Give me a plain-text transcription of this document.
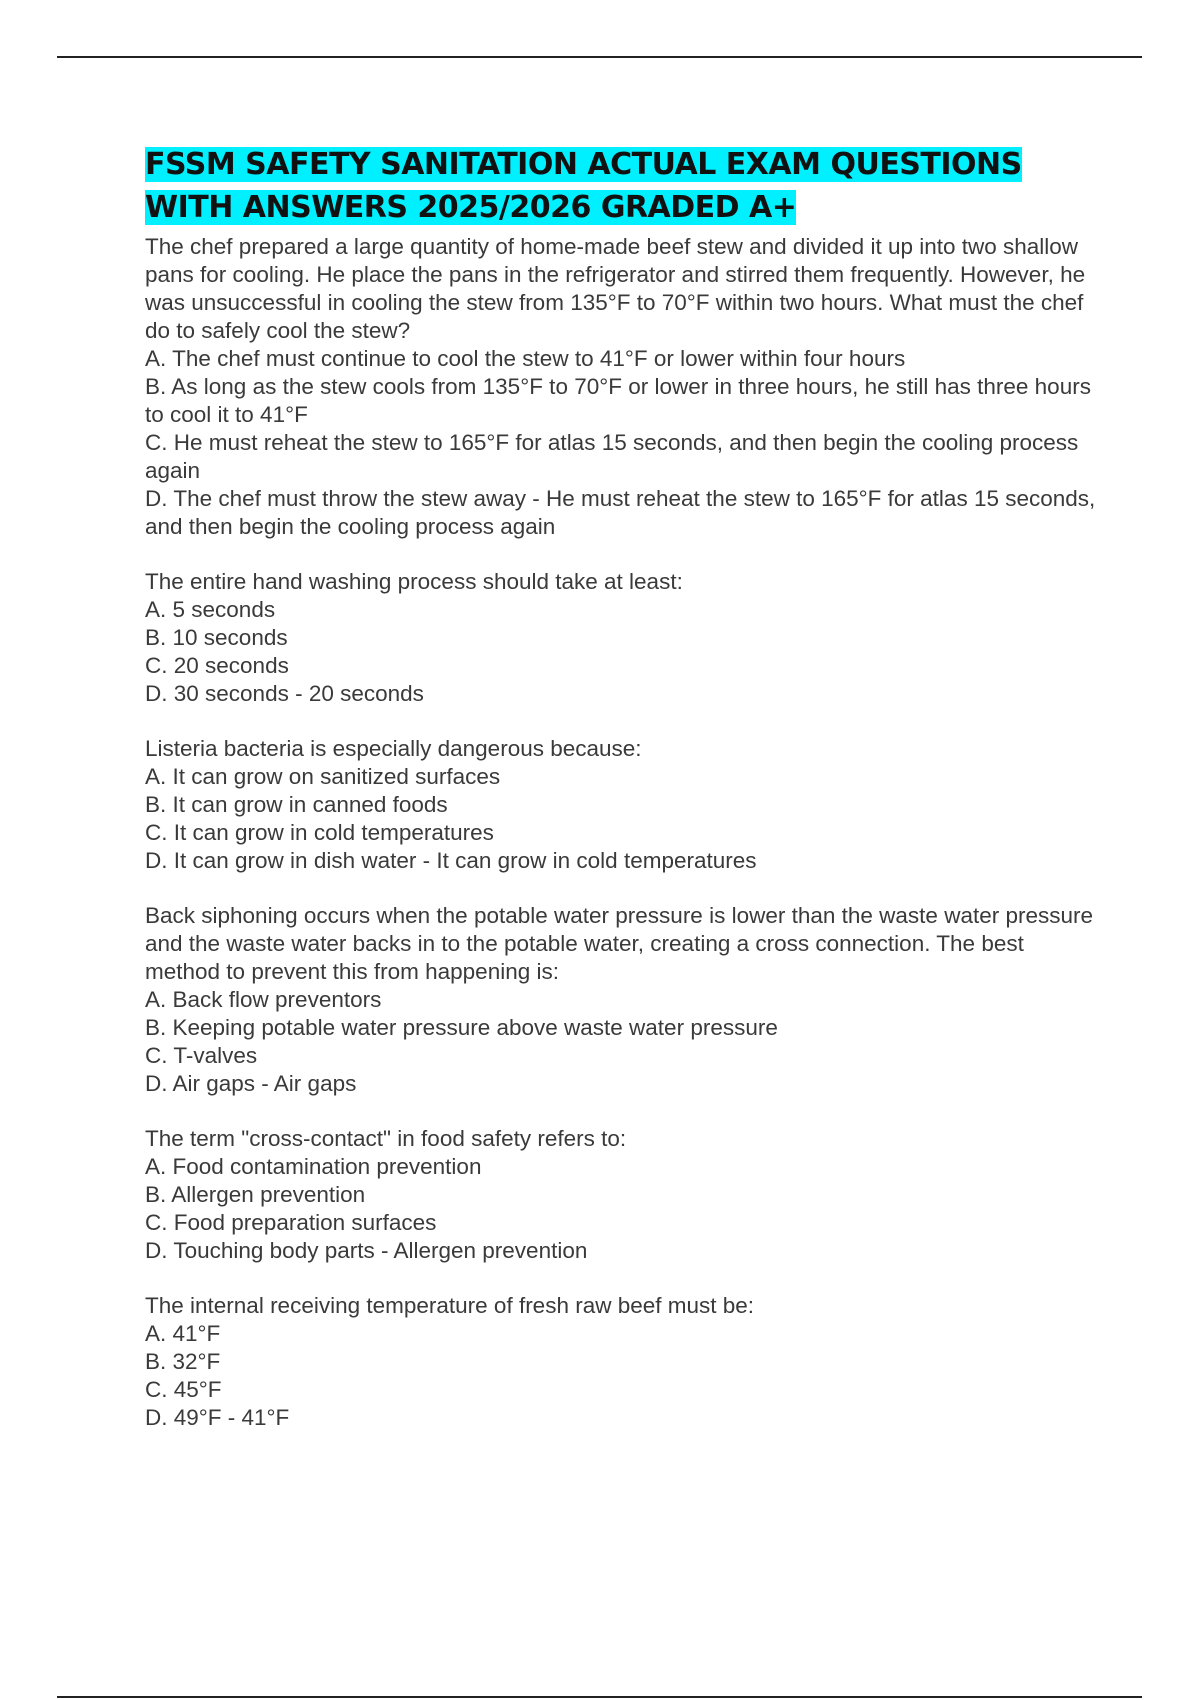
FSSM SAFETY SANITATION ACTUAL EXAM QUESTIONS
WITH ANSWERS 2025/2026 GRADED A+

The chef prepared a large quantity of home-made beef stew and divided it up into two shallow pans for cooling. He place the pans in the refrigerator and stirred them frequently. However, he was unsuccessful in cooling the stew from 135°F to 70°F within two hours. What must the chef do to safely cool the stew?

A. The chef must continue to cool the stew to 41°F or lower within four hours

B. As long as the stew cools from 135°F to 70°F or lower in three hours, he still has three hours to cool it to 41°F

C. He must reheat the stew to 165°F for atlas 15 seconds, and then begin the cooling process again

D. The chef must throw the stew away - He must reheat the stew to 165°F for atlas 15 seconds, and then begin the cooling process again

The entire hand washing process should take at least:

A. 5 seconds

B. 10 seconds

C. 20 seconds

D. 30 seconds - 20 seconds

Listeria bacteria is especially dangerous because:

A. It can grow on sanitized surfaces

B. It can grow in canned foods

C. It can grow in cold temperatures

D. It can grow in dish water - It can grow in cold temperatures

Back siphoning occurs when the potable water pressure is lower than the waste water pressure and the waste water backs in to the potable water, creating a cross connection. The best method to prevent this from happening is:

A. Back flow preventors

B. Keeping potable water pressure above waste water pressure

C. T-valves

D. Air gaps - Air gaps

The term "cross-contact" in food safety refers to:

A. Food contamination prevention

B. Allergen prevention

C. Food preparation surfaces

D. Touching body parts - Allergen prevention

The internal receiving temperature of fresh raw beef must be:

A. 41°F

B. 32°F

C. 45°F

D. 49°F - 41°F
